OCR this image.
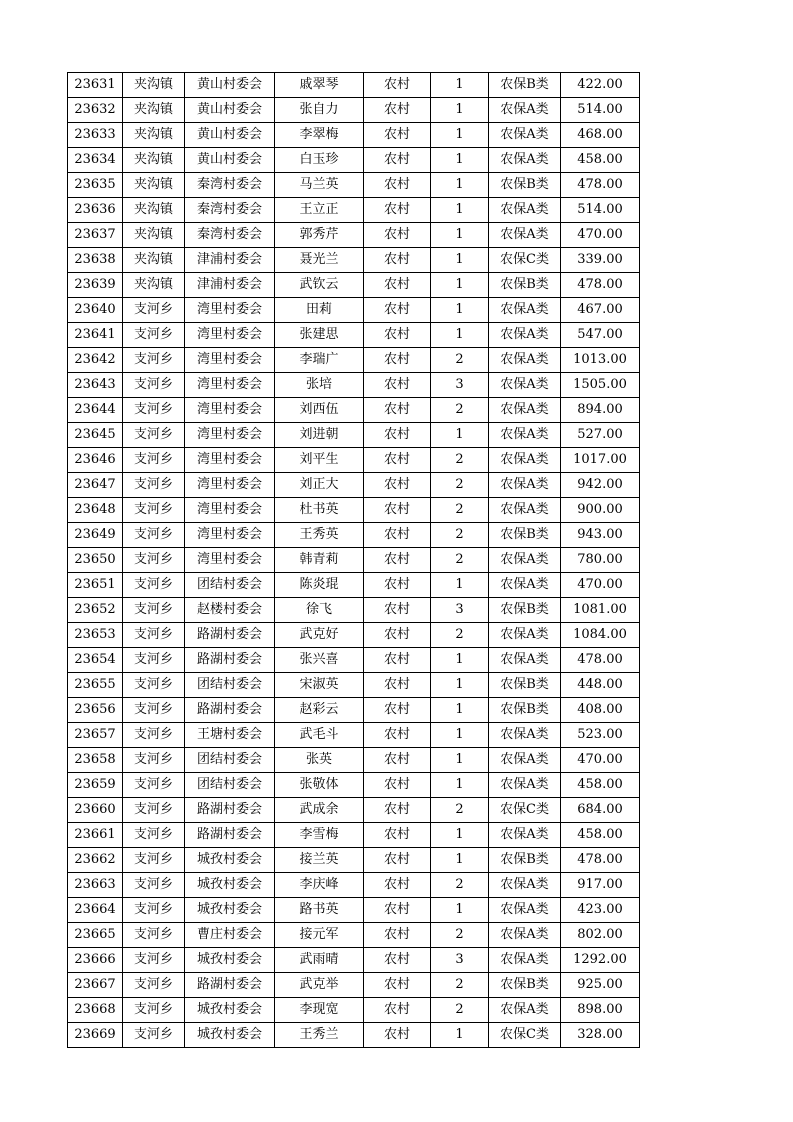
23631	夹沟镇	黄山村委会	戚翠琴	农村	1	农保B类	422.00
23632	夹沟镇	黄山村委会	张自力	农村	1	农保A类	514.00
23633	夹沟镇	黄山村委会	李翠梅	农村	1	农保A类	468.00
23634	夹沟镇	黄山村委会	白玉珍	农村	1	农保A类	458.00
23635	夹沟镇	秦湾村委会	马兰英	农村	1	农保B类	478.00
23636	夹沟镇	秦湾村委会	王立正	农村	1	农保A类	514.00
23637	夹沟镇	秦湾村委会	郭秀芹	农村	1	农保A类	470.00
23638	夹沟镇	津浦村委会	聂光兰	农村	1	农保C类	339.00
23639	夹沟镇	津浦村委会	武钦云	农村	1	农保B类	478.00
23640	支河乡	湾里村委会	田莉	农村	1	农保A类	467.00
23641	支河乡	湾里村委会	张建思	农村	1	农保A类	547.00
23642	支河乡	湾里村委会	李瑞广	农村	2	农保A类	1013.00
23643	支河乡	湾里村委会	张培	农村	3	农保A类	1505.00
23644	支河乡	湾里村委会	刘西伍	农村	2	农保A类	894.00
23645	支河乡	湾里村委会	刘进朝	农村	1	农保A类	527.00
23646	支河乡	湾里村委会	刘平生	农村	2	农保A类	1017.00
23647	支河乡	湾里村委会	刘正大	农村	2	农保A类	942.00
23648	支河乡	湾里村委会	杜书英	农村	2	农保A类	900.00
23649	支河乡	湾里村委会	王秀英	农村	2	农保B类	943.00
23650	支河乡	湾里村委会	韩青莉	农村	2	农保A类	780.00
23651	支河乡	团结村委会	陈炎琨	农村	1	农保A类	470.00
23652	支河乡	赵楼村委会	徐飞	农村	3	农保B类	1081.00
23653	支河乡	路湖村委会	武克好	农村	2	农保A类	1084.00
23654	支河乡	路湖村委会	张兴喜	农村	1	农保A类	478.00
23655	支河乡	团结村委会	宋淑英	农村	1	农保B类	448.00
23656	支河乡	路湖村委会	赵彩云	农村	1	农保B类	408.00
23657	支河乡	王塘村委会	武毛斗	农村	1	农保A类	523.00
23658	支河乡	团结村委会	张英	农村	1	农保A类	470.00
23659	支河乡	团结村委会	张敬体	农村	1	农保A类	458.00
23660	支河乡	路湖村委会	武成余	农村	2	农保C类	684.00
23661	支河乡	路湖村委会	李雪梅	农村	1	农保A类	458.00
23662	支河乡	城孜村委会	接兰英	农村	1	农保B类	478.00
23663	支河乡	城孜村委会	李庆峰	农村	2	农保A类	917.00
23664	支河乡	城孜村委会	路书英	农村	1	农保A类	423.00
23665	支河乡	曹庄村委会	接元军	农村	2	农保A类	802.00
23666	支河乡	城孜村委会	武雨晴	农村	3	农保A类	1292.00
23667	支河乡	路湖村委会	武克举	农村	2	农保B类	925.00
23668	支河乡	城孜村委会	李现宽	农村	2	农保A类	898.00
23669	支河乡	城孜村委会	王秀兰	农村	1	农保C类	328.00
